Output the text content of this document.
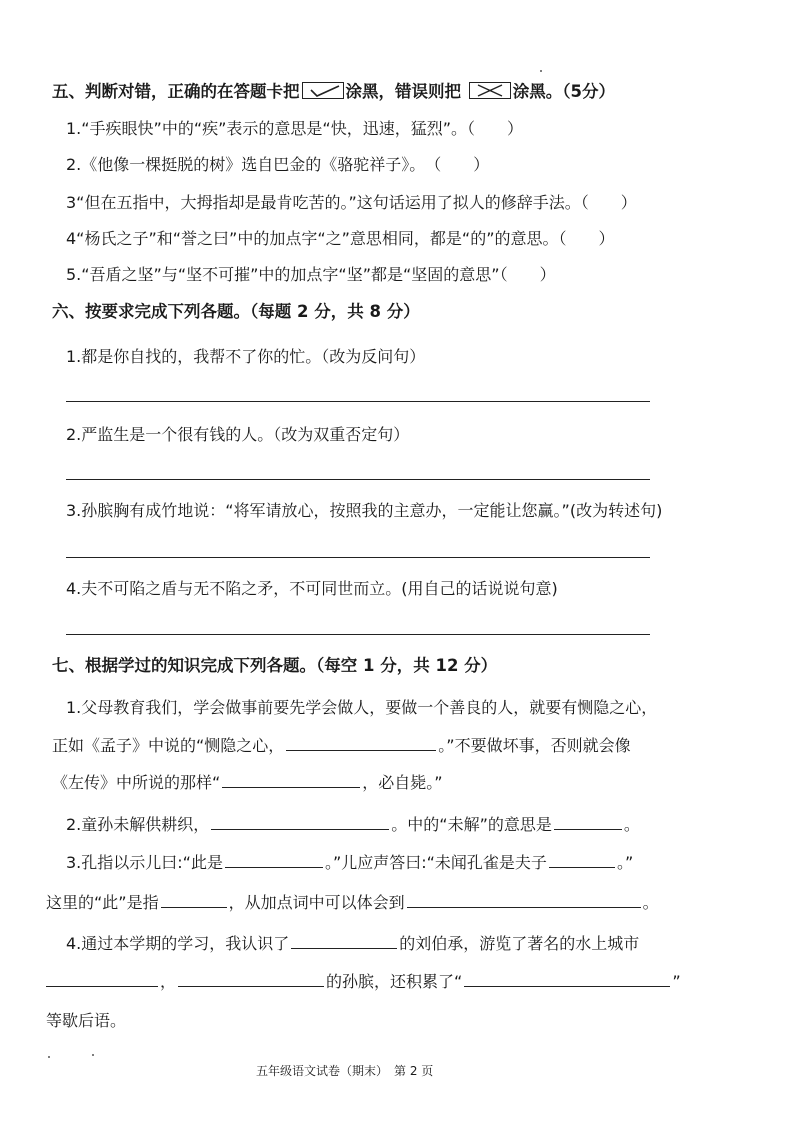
五、判断对错，正确的在答题卡把	涂黑，错误则把 ☒ 涂黑。（5分）
1.“手疾眼快”中的“疾”表示的意思是“快，迅速，猛烈”。（　　）
2.《他像一棵挺脱的树》选自巴金的《骆驼祥子》。　（　　）
3“但在五指中，大拇指却是最肯吃苦的。”这句话运用了拟人的修辞手法。（　　）
4“杨氏之子”和“誉之曰”中的加点字“之”意思相同，都是“的”的意思。（　　）
5.“吾盾之坚”与“坚不可摧”中的加点字“坚”都是“坚固的意思”（　　）
六、按要求完成下列各题。（每题 2 分，共 8 分）
1.都是你自找的，我帮不了你的忙。（改为反问句）
2.严监生是一个很有钱的人。（改为双重否定句）
3.孙膑胸有成竹地说：“将军请放心，按照我的主意办，一定能让您赢。”(改为转述句)
4.夫不可陷之盾与无不陷之矛，不可同世而立。(用自己的话说说句意)
七、根据学过的知识完成下列各题。（每空 1 分，共 12 分）
1.父母教育我们，学会做事前要先学会做人，要做一个善良的人，就要有恻隐之心，
正如《孟子》中说的“恻隐之心，	。”不要做坏事，否则就会像
《左传》中所说的那样“	，必自毙。”
2.童孙未解供耕织，	。中的“未解”的意思是	。
3.孔指以示儿曰:“此是	。”儿应声答曰:“未闻孔雀是夫子	。”
这里的“此”是指	，从加点词中可以体会到	。
4.通过本学期的学习，我认识了	的刘伯承，游览了著名的水上城市
，	的孙膑，还积累了“	”
等歇后语。
五年级语文试卷（期末）　第 2 页
